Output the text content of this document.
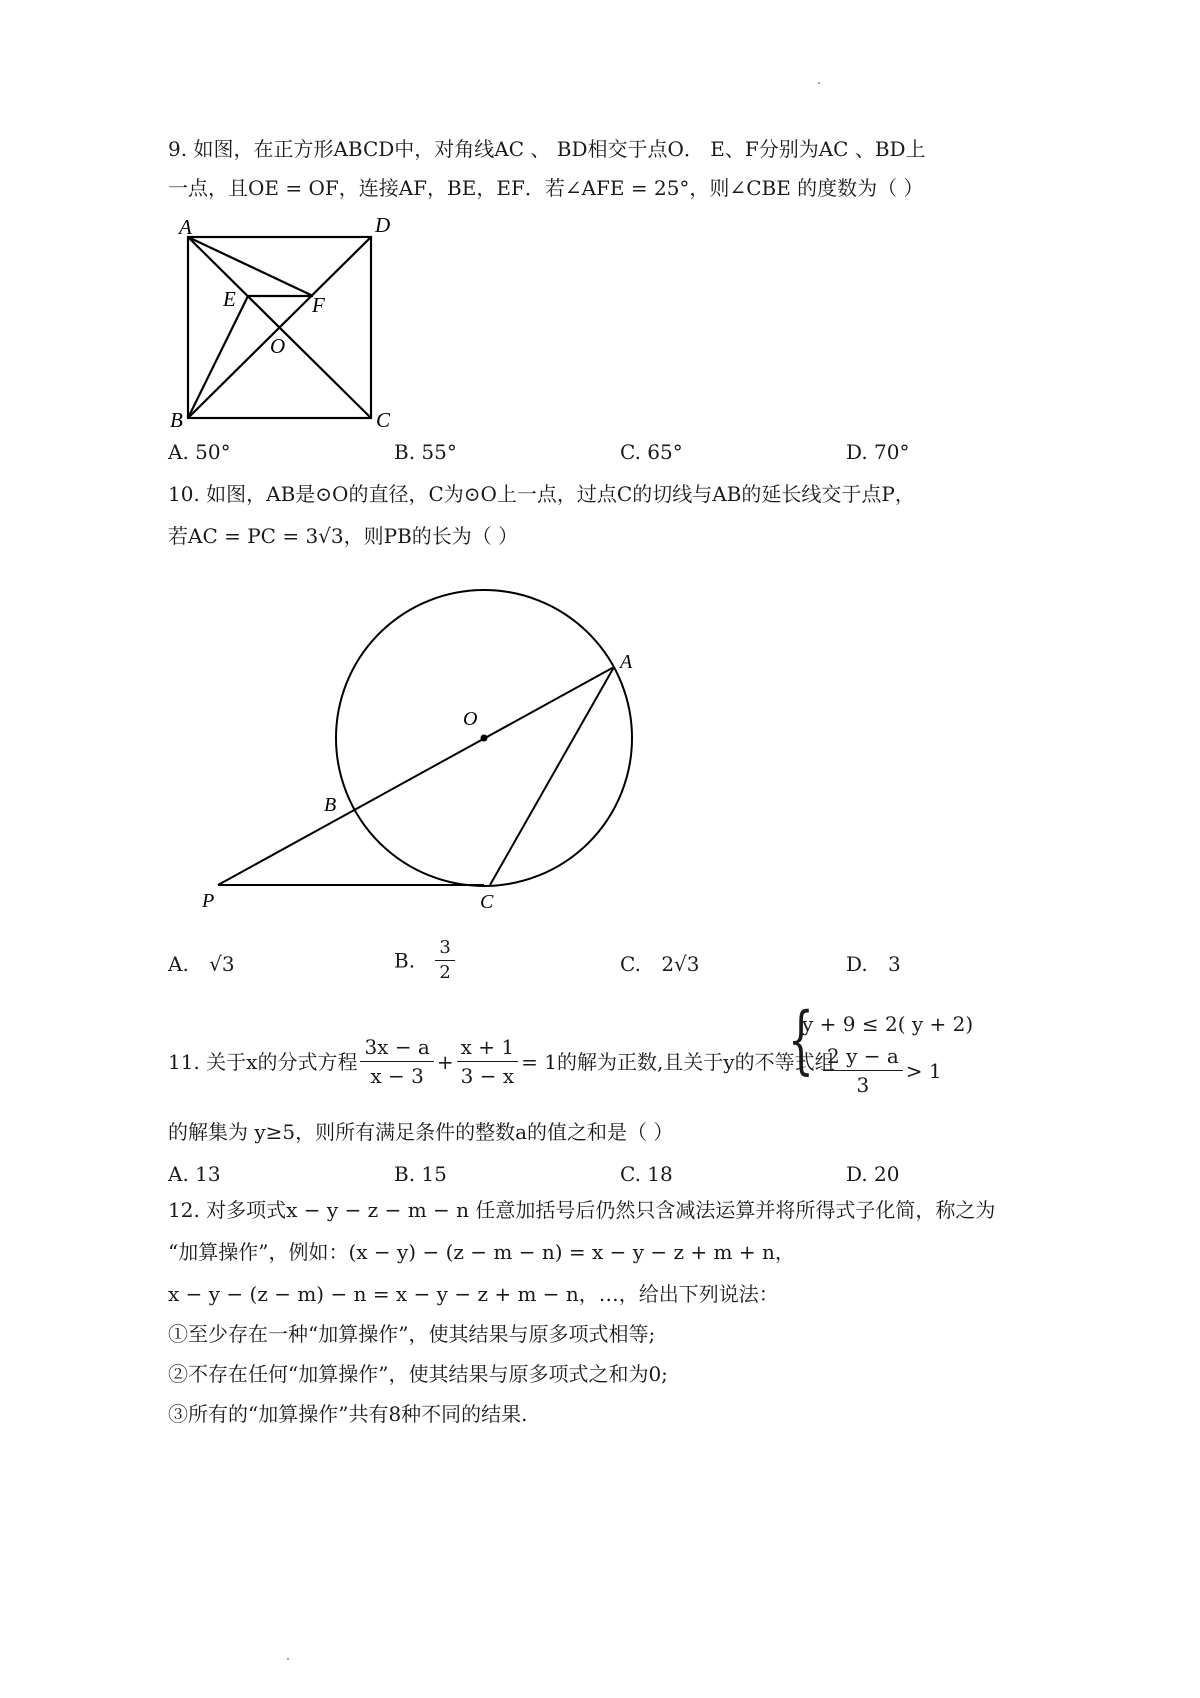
9. 如图，在正方形ABCD中，对角线AC 、 BD相交于点O． E、F分别为AC 、BD上
一点，且OE = OF，连接AF，BE，EF．若∠AFE = 25°，则∠CBE 的度数为（ ）
A	D
B	C
E	F
O
A. 50°	B. 55°	C. 65°	D. 70°
10. 如图，AB是⊙O的直径，C为⊙O上一点，过点C的切线与AB的延长线交于点P，
若AC = PC = 3√3，则PB的长为（ ）
A
O
B
P	C
A. √3	B. $\frac{3}{2}$	C. 2√3	D. 3
11. 关于x的分式方程 $\frac{3x - a}{x - 3} + \frac{x + 1}{3 - x} = 1$的解为正数,且关于y的不等式组
{
y + 9 ≤ 2( y + 2)
$\frac{2 y - a}{3} > 1$
的解集为 y≥5，则所有满足条件的整数a的值之和是（ ）
A. 13	B. 15	C. 18	D. 20
12. 对多项式x − y − z − m − n 任意加括号后仍然只含减法运算并将所得式子化简，称之为
“加算操作”，例如：(x − y) − (z − m − n) = x − y − z + m + n，
x − y − (z − m) − n = x − y − z + m − n，…，给出下列说法：
①至少存在一种“加算操作”，使其结果与原多项式相等;
②不存在任何“加算操作”，使其结果与原多项式之和为0;
③所有的“加算操作”共有8种不同的结果.
